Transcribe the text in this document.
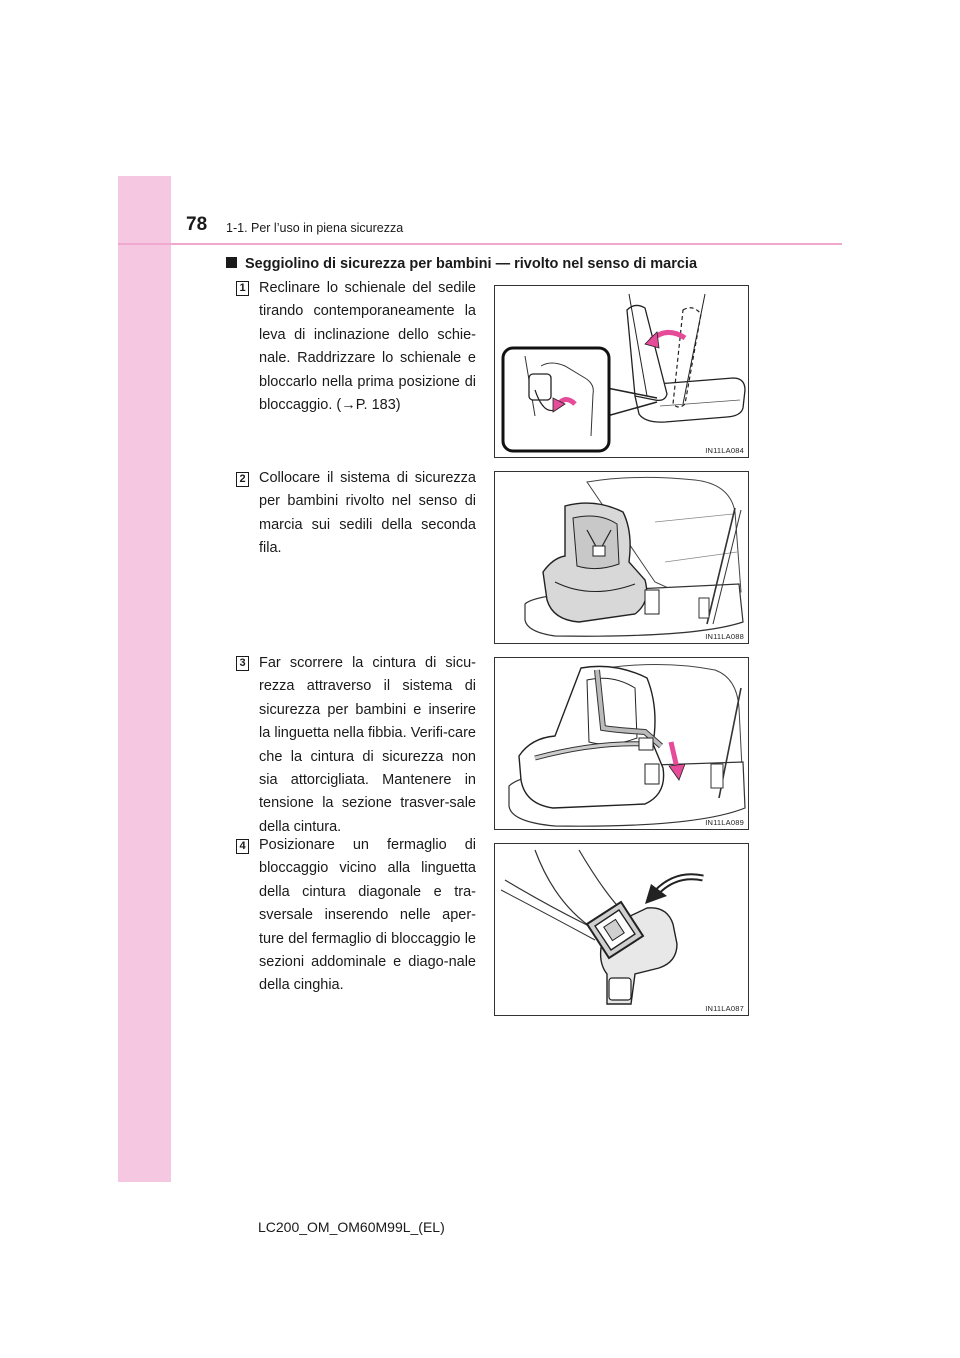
78 1-1. Per l’uso in piena sicurezza
Seggiolino di sicurezza per bambini — rivolto nel senso di marcia
1 Reclinare lo schienale del sedile tirando contemporaneamente la leva di inclinazione dello schie-nale. Raddrizzare lo schienale e bloccarlo nella prima posizione di bloccaggio. (→P. 183)
IN11LA084
2 Collocare il sistema di sicurezza per bambini rivolto nel senso di marcia sui sedili della seconda fila.
IN11LA088
3 Far scorrere la cintura di sicu-rezza attraverso il sistema di sicurezza per bambini e inserire la linguetta nella fibbia. Verifi-care che la cintura di sicurezza non sia attorcigliata. Mantenere in tensione la sezione trasver-sale della cintura.	IN11LA089
4 Posizionare un fermaglio di bloccaggio vicino alla linguetta della cintura diagonale e tra-sversale inserendo nelle aper-ture del fermaglio di bloccaggio le sezioni addominale e diago-nale della cinghia.
IN11LA087
LC200_OM_OM60M99L_(EL)
